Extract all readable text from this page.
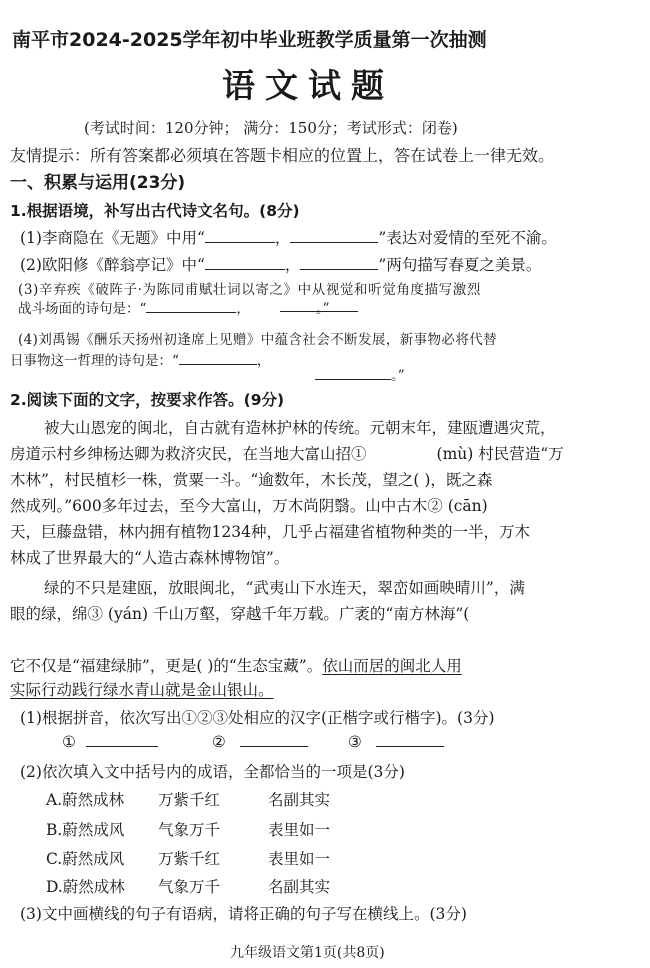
南平市2024-2025学年初中毕业班教学质量第一次抽测
语文试题
(考试时间：120分钟； 满分：150分；考试形式：闭卷)
友情提示：所有答案都必须填在答题卡相应的位置上，答在试卷上一律无效。
一、积累与运用(23分)
1.根据语境，补写出古代诗文名句。(8分)
(1)李商隐在《无题》中用“	，	”表达对爱情的至死不渝。
(2)欧阳修《醉翁亭记》中“	，	”两句描写春夏之美景。
(3)辛弃疾《破阵子·为陈同甫赋壮词以寄之》中从视觉和听觉角度描写激烈
战斗场面的诗句是：“	，	。”
(4)刘禹锡《酬乐天扬州初逢席上见赠》中蕴含社会不断发展，新事物必将代替
日事物这一哲理的诗句是：“	，
。”
2.阅读下面的文字，按要求作答。(9分)
被大山恩宠的闽北，自古就有造林护林的传统。元朝末年，建瓯遭遇灾荒，
房道示村乡绅杨达卿为救济灾民，在当地大富山招①	(mù) 村民营造“万
木林”，村民植杉一株，赏粟一斗。“逾数年，木长茂，望之( )，既之森
然成列。”600多年过去，至今大富山，万木尚阴翳。山中古木② (cān)
天，巨藤盘错，林内拥有植物1234种，几乎占福建省植物种类的一半，万木
林成了世界最大的“人造古森林博物馆”。
绿的不只是建瓯，放眼闽北，“武夷山下水连天，翠峦如画映晴川”，满
眼的绿，绵③ (yán) 千山万壑，穿越千年万载。广袤的“南方林海”(
它不仅是“福建绿肺”，更是( )的“生态宝藏”。依山而居的闽北人用
实际行动践行绿水青山就是金山银山。
(1)根据拼音，依次写出①②③处相应的汉字(正楷字或行楷字)。(3分)
①	②	③
(2)依次填入文中括号内的成语，全都恰当的一项是(3分)
A.蔚然成林 万紫千红	名副其实
B.蔚然成风 气象万千	表里如一
C.蔚然成风 万紫千红	表里如一
D.蔚然成林 气象万千	名副其实
(3)文中画横线的句子有语病，请将正确的句子写在横线上。(3分)
九年级语文第1页(共8页)
